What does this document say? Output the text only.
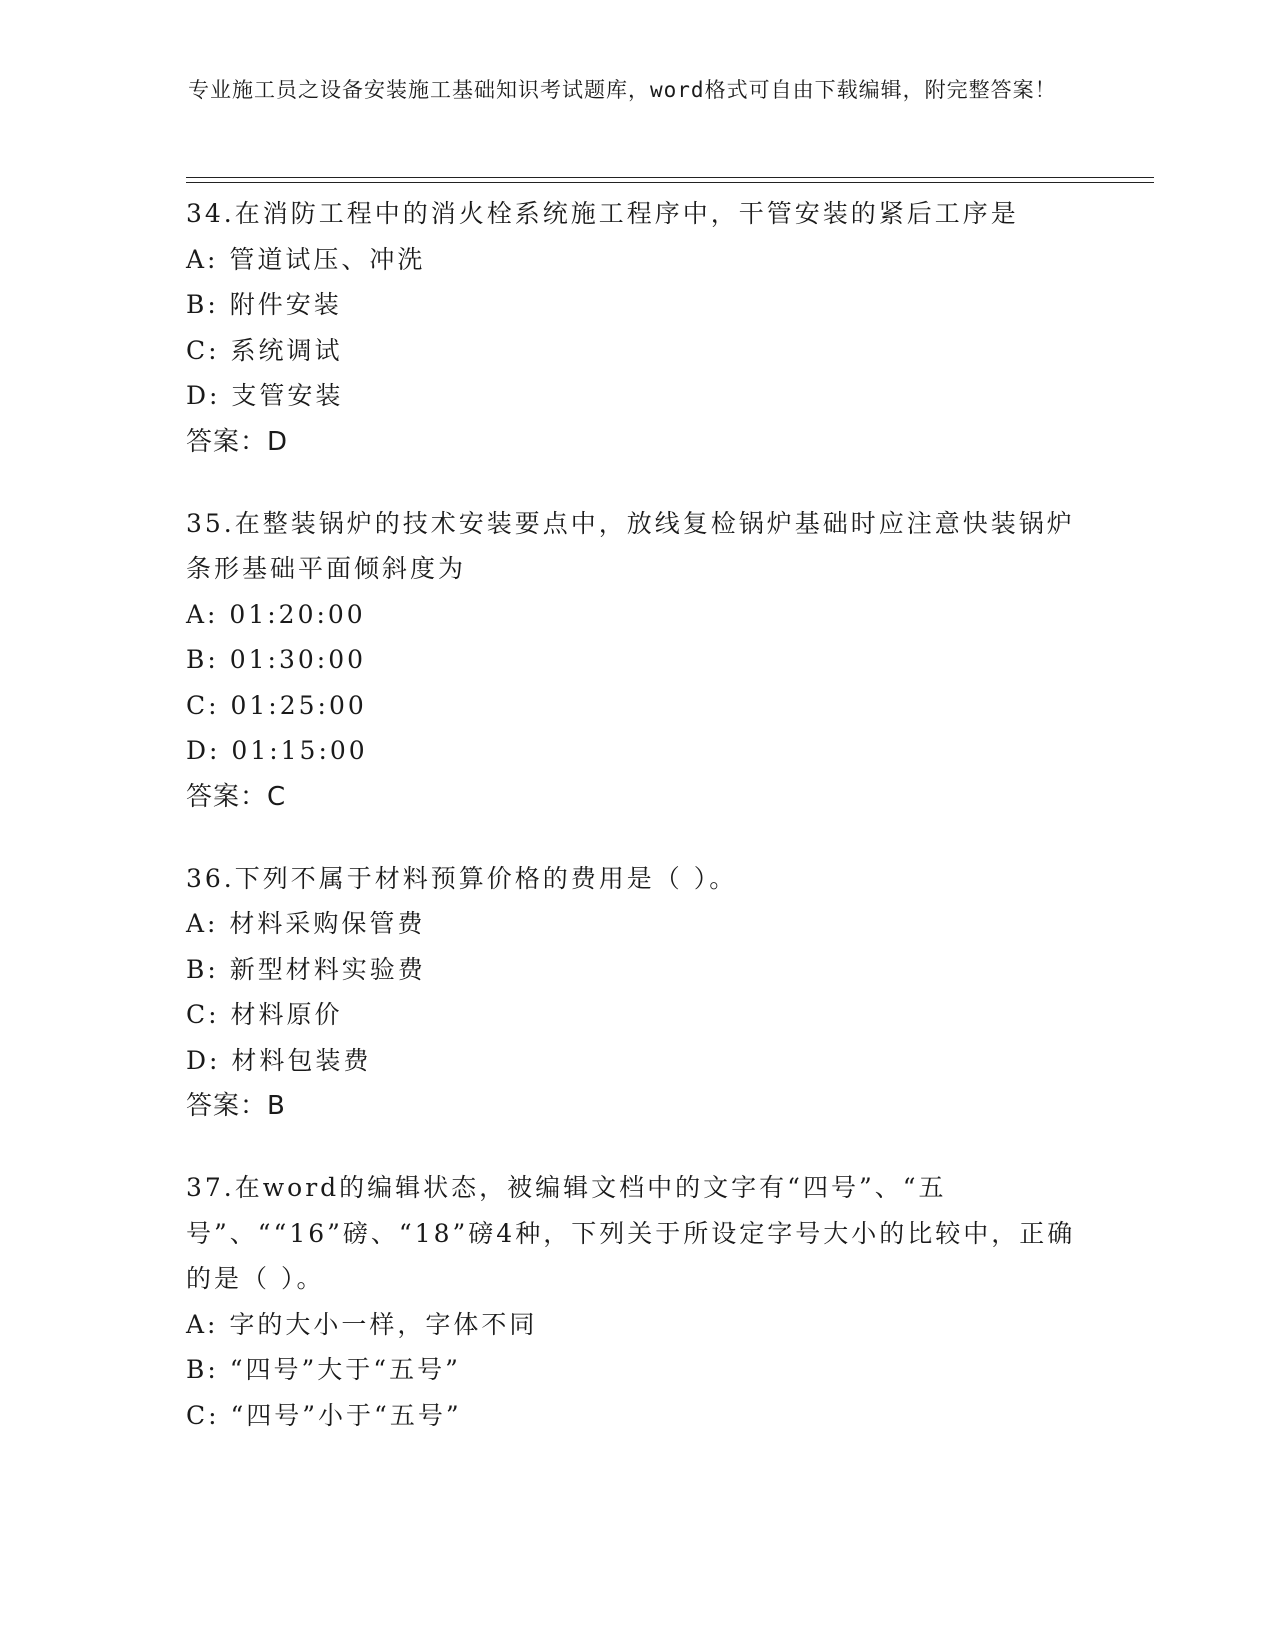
专业施工员之设备安装施工基础知识考试题库，word格式可自由下载编辑，附完整答案！

34.在消防工程中的消火栓系统施工程序中，干管安装的紧后工序是

A: 管道试压、冲洗

B: 附件安装

C: 系统调试

D: 支管安装

答案：D

35.在整装锅炉的技术安装要点中，放线复检锅炉基础时应注意快装锅炉条形基础平面倾斜度为

A: 01:20:00

B: 01:30:00

C: 01:25:00

D: 01:15:00

答案：C

36.下列不属于材料预算价格的费用是（ ）。

A: 材料采购保管费

B: 新型材料实验费

C: 材料原价

D: 材料包装费

答案：B

37.在word的编辑状态，被编辑文档中的文字有“四号”、“五号”、““16”磅、“18”磅4种，下列关于所设定字号大小的比较中，正确的是（ ）。

A: 字的大小一样，字体不同

B: “四号”大于“五号”

C: “四号”小于“五号”
